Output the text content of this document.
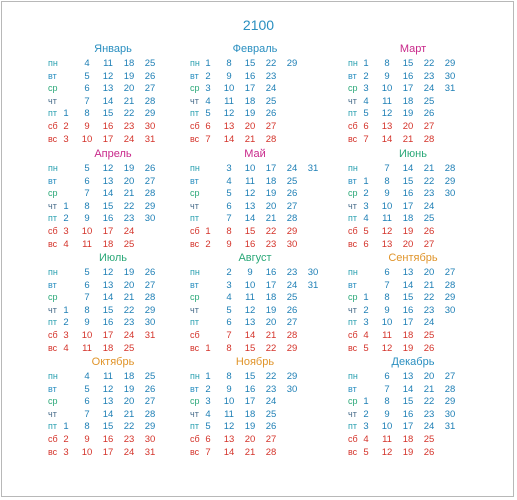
2100
Январь
пн	4	11	18	25
вт	5	12	19	26
ср	6	13	20	27
чт	7	14	21	28
пт 1	8	15	22	29
сб 2	9	16	23	30
вс 3	10	17	24	31
Февраль
пн 1	8	15	22	29
вт 2	9	16	23
ср 3	10	17	24
чт 4	11	18	25
пт 5	12	19	26
сб 6	13	20	27
вс 7	14	21	28
Март
пн 1	8	15	22	29
вт 2	9	16	23	30
ср 3	10	17	24	31
чт 4	11	18	25
пт 5	12	19	26
сб 6	13	20	27
вс 7	14	21	28
Апрель
пн	5	12	19	26
вт	6	13	20	27
ср	7	14	21	28
чт 1	8	15	22	29
пт 2	9	16	23	30
сб 3	10	17	24
вс 4	11	18	25
Май
пн	3	10	17	24	31
вт	4	11	18	25
ср	5	12	19	26
чт	6	13	20	27
пт	7	14	21	28
сб 1	8	15	22	29
вс 2	9	16	23	30
Июнь
пн	7	14	21	28
вт 1	8	15	22	29
ср 2	9	16	23	30
чт 3	10	17	24
пт 4	11	18	25
сб 5	12	19	26
вс 6	13	20	27
Июль
пн	5	12	19	26
вт	6	13	20	27
ср	7	14	21	28
чт 1	8	15	22	29
пт 2	9	16	23	30
сб 3	10	17	24	31
вс 4	11	18	25
Август
пн	2	9	16	23	30
вт	3	10	17	24	31
ср	4	11	18	25
чт	5	12	19	26
пт	6	13	20	27
сб	7	14	21	28
вс 1	8	15	22	29
Сентябрь
пн	6	13	20	27
вт	7	14	21	28
ср 1	8	15	22	29
чт 2	9	16	23	30
пт 3	10	17	24
сб 4	11	18	25
вс 5	12	19	26
Октябрь
пн	4	11	18	25
вт	5	12	19	26
ср	6	13	20	27
чт	7	14	21	28
пт 1	8	15	22	29
сб 2	9	16	23	30
вс 3	10	17	24	31
Ноябрь
пн 1	8	15	22	29
вт 2	9	16	23	30
ср 3	10	17	24
чт 4	11	18	25
пт 5	12	19	26
сб 6	13	20	27
вс 7	14	21	28
Декабрь
пн	6	13	20	27
вт	7	14	21	28
ср 1	8	15	22	29
чт 2	9	16	23	30
пт 3	10	17	24	31
сб 4	11	18	25
вс 5	12	19	26
